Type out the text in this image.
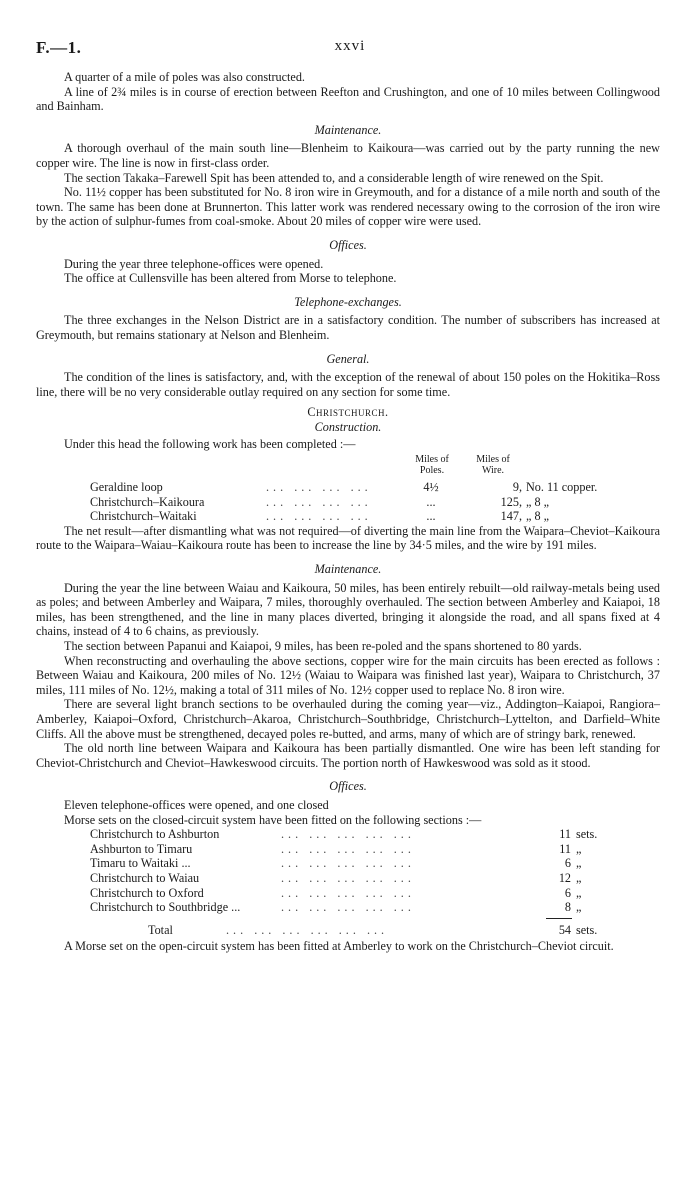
F.—1.	xxvi

A quarter of a mile of poles was also constructed.

A line of 2¾ miles is in course of erection between Reefton and Crushington, and one of 10 miles between Collingwood and Bainham.

Maintenance.

A thorough overhaul of the main south line—Blenheim to Kaikoura—was carried out by the party running the new copper wire. The line is now in first-class order.

The section Takaka–Farewell Spit has been attended to, and a considerable length of wire renewed on the Spit.

No. 11½ copper has been substituted for No. 8 iron wire in Greymouth, and for a distance of a mile north and south of the town. The same has been done at Brunnerton. This latter work was rendered necessary owing to the corrosion of the iron wire by the action of sulphur-fumes from coal-smoke. About 20 miles of copper wire were used.

Offices.

During the year three telephone-offices were opened.

The office at Cullensville has been altered from Morse to telephone.

Telephone-exchanges.

The three exchanges in the Nelson District are in a satisfactory condition. The number of subscribers has increased at Greymouth, but remains stationary at Nelson and Blenheim.

General.

The condition of the lines is satisfactory, and, with the exception of the renewal of about 150 poles on the Hokitika–Ross line, there will be no very considerable outlay required on any section for some time.

Christchurch.
Construction.

Under this head the following work has been completed :—

Miles of Poles.
Miles of Wire.
Geraldine loop	... ... ... ...	4½	9, No. 11 copper.
Christchurch–Kaikoura	... ... ... ...	...	125, „ 8 „
Christchurch–Waitaki	... ... ... ...	...	147, „ 8 „

The net result—after dismantling what was not required—of diverting the main line from the Waipara–Cheviot–Kaikoura route to the Waipara–Waiau–Kaikoura route has been to increase the line by 34·5 miles, and the wire by 191 miles.

Maintenance.

During the year the line between Waiau and Kaikoura, 50 miles, has been entirely rebuilt—old railway-metals being used as poles; and between Amberley and Waipara, 7 miles, thoroughly overhauled. The section between Amberley and Kaiapoi, 18 miles, has been strengthened, and the line in many places diverted, bringing it alongside the road, and all spans fixed at 4 chains, instead of 4 to 6 chains, as previously.

The section between Papanui and Kaiapoi, 9 miles, has been re-poled and the spans shortened to 80 yards.

When reconstructing and overhauling the above sections, copper wire for the main circuits has been erected as follows : Between Waiau and Kaikoura, 200 miles of No. 12½ (Waiau to Waipara was finished last year), Waipara to Christchurch, 37 miles, 111 miles of No. 12½, making a total of 311 miles of No. 12½ copper used to replace No. 8 iron wire.

There are several light branch sections to be overhauled during the coming year—viz., Addington–Kaiapoi, Rangiora–Amberley, Kaiapoi–Oxford, Christchurch–Akaroa, Christchurch–Southbridge, Christchurch–Lyttelton, and Darfield–White Cliffs. All the above must be strengthened, decayed poles re-butted, and arms, many of which are of stringy bark, renewed.

The old north line between Waipara and Kaikoura has been partially dismantled. One wire has been left standing for Cheviot-Christchurch and Cheviot–Hawkeswood circuits. The portion north of Hawkeswood was sold as it stood.

Offices.
Eleven telephone-offices were opened, and one closed
Morse sets on the closed-circuit system have been fitted on the following sections :—
Christchurch to Ashburton	... ... ... ... ...	11 sets.
Ashburton to Timaru	... ... ... ... ...	11 „
Timaru to Waitaki ...	... ... ... ... ...	6 „
Christchurch to Waiau	... ... ... ... ...	12 „
Christchurch to Oxford	... ... ... ... ...	6 „
Christchurch to Southbridge ...	... ... ... ... ...	8 „
Total	... ... ... ... ... ...	54 sets.

A Morse set on the open-circuit system has been fitted at Amberley to work on the Christchurch–Cheviot circuit.
